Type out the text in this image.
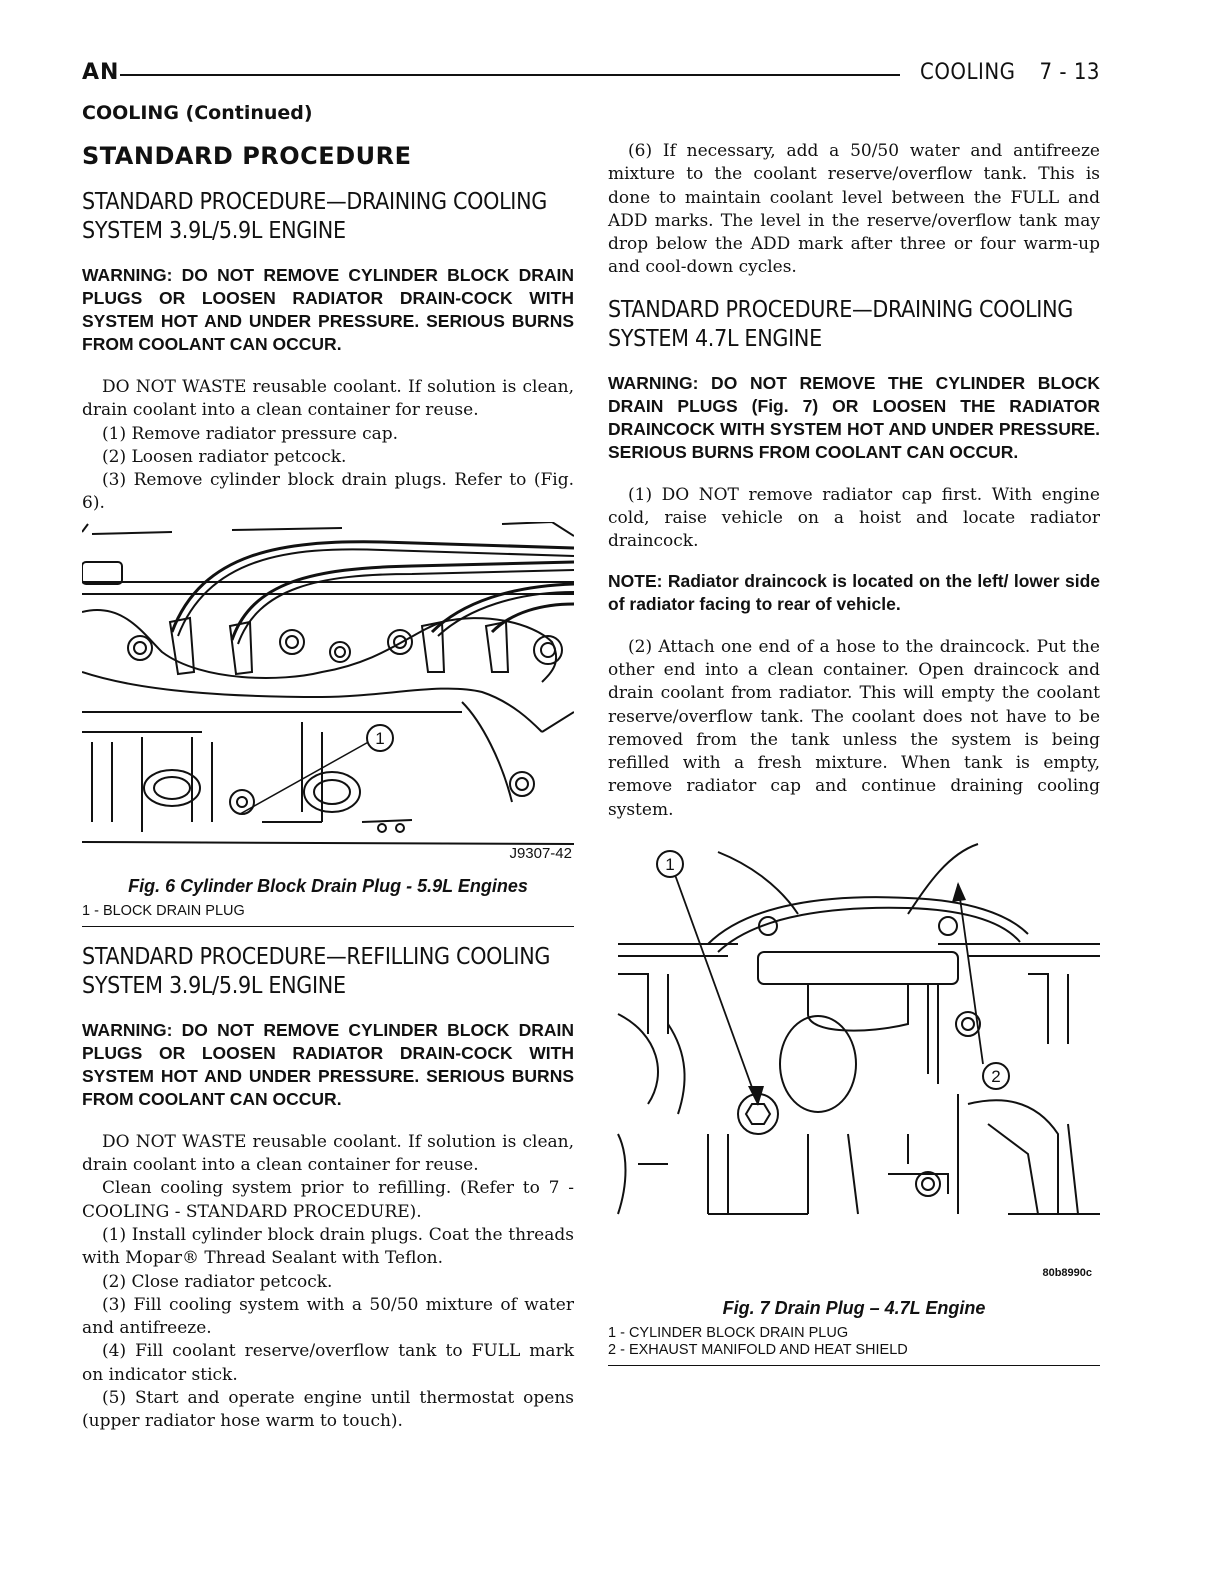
AN	COOLING 7 - 13
COOLING (Continued)
STANDARD PROCEDURE
STANDARD PROCEDURE—DRAINING COOLING SYSTEM 3.9L/5.9L ENGINE
WARNING: DO NOT REMOVE CYLINDER BLOCK DRAIN PLUGS OR LOOSEN RADIATOR DRAIN-COCK WITH SYSTEM HOT AND UNDER PRESSURE. SERIOUS BURNS FROM COOLANT CAN OCCUR.

DO NOT WASTE reusable coolant. If solution is clean, drain coolant into a clean container for reuse.

(1) Remove radiator pressure cap.

(2) Loosen radiator petcock.

(3) Remove cylinder block drain plugs. Refer to (Fig. 6).

1
J9307-42
Fig. 6 Cylinder Block Drain Plug - 5.9L Engines
1 - BLOCK DRAIN PLUG
STANDARD PROCEDURE—REFILLING COOLING SYSTEM 3.9L/5.9L ENGINE
WARNING: DO NOT REMOVE CYLINDER BLOCK DRAIN PLUGS OR LOOSEN RADIATOR DRAIN-COCK WITH SYSTEM HOT AND UNDER PRESSURE. SERIOUS BURNS FROM COOLANT CAN OCCUR.

DO NOT WASTE reusable coolant. If solution is clean, drain coolant into a clean container for reuse.

Clean cooling system prior to refilling. (Refer to 7 - COOLING - STANDARD PROCEDURE).

(1) Install cylinder block drain plugs. Coat the threads with Mopar® Thread Sealant with Teflon.

(2) Close radiator petcock.

(3) Fill cooling system with a 50/50 mixture of water and antifreeze.

(4) Fill coolant reserve/overflow tank to FULL mark on indicator stick.

(5) Start and operate engine until thermostat opens (upper radiator hose warm to touch).

(6) If necessary, add a 50/50 water and antifreeze mixture to the coolant reserve/overflow tank. This is done to maintain coolant level between the FULL and ADD marks. The level in the reserve/overflow tank may drop below the ADD mark after three or four warm-up and cool-down cycles.

STANDARD PROCEDURE—DRAINING COOLING SYSTEM 4.7L ENGINE
WARNING: DO NOT REMOVE THE CYLINDER BLOCK DRAIN PLUGS (Fig. 7) OR LOOSEN THE RADIATOR DRAINCOCK WITH SYSTEM HOT AND UNDER PRESSURE. SERIOUS BURNS FROM COOLANT CAN OCCUR.

(1) DO NOT remove radiator cap first. With engine cold, raise vehicle on a hoist and locate radiator draincock.

NOTE: Radiator draincock is located on the left/ lower side of radiator facing to rear of vehicle.

(2) Attach one end of a hose to the draincock. Put the other end into a clean container. Open draincock and drain coolant from radiator. This will empty the coolant reserve/overflow tank. The coolant does not have to be removed from the tank unless the system is being refilled with a fresh mixture. When tank is empty, remove radiator cap and continue draining cooling system.

1
2
80b8990c
Fig. 7 Drain Plug – 4.7L Engine
1 - CYLINDER BLOCK DRAIN PLUG
2 - EXHAUST MANIFOLD AND HEAT SHIELD
